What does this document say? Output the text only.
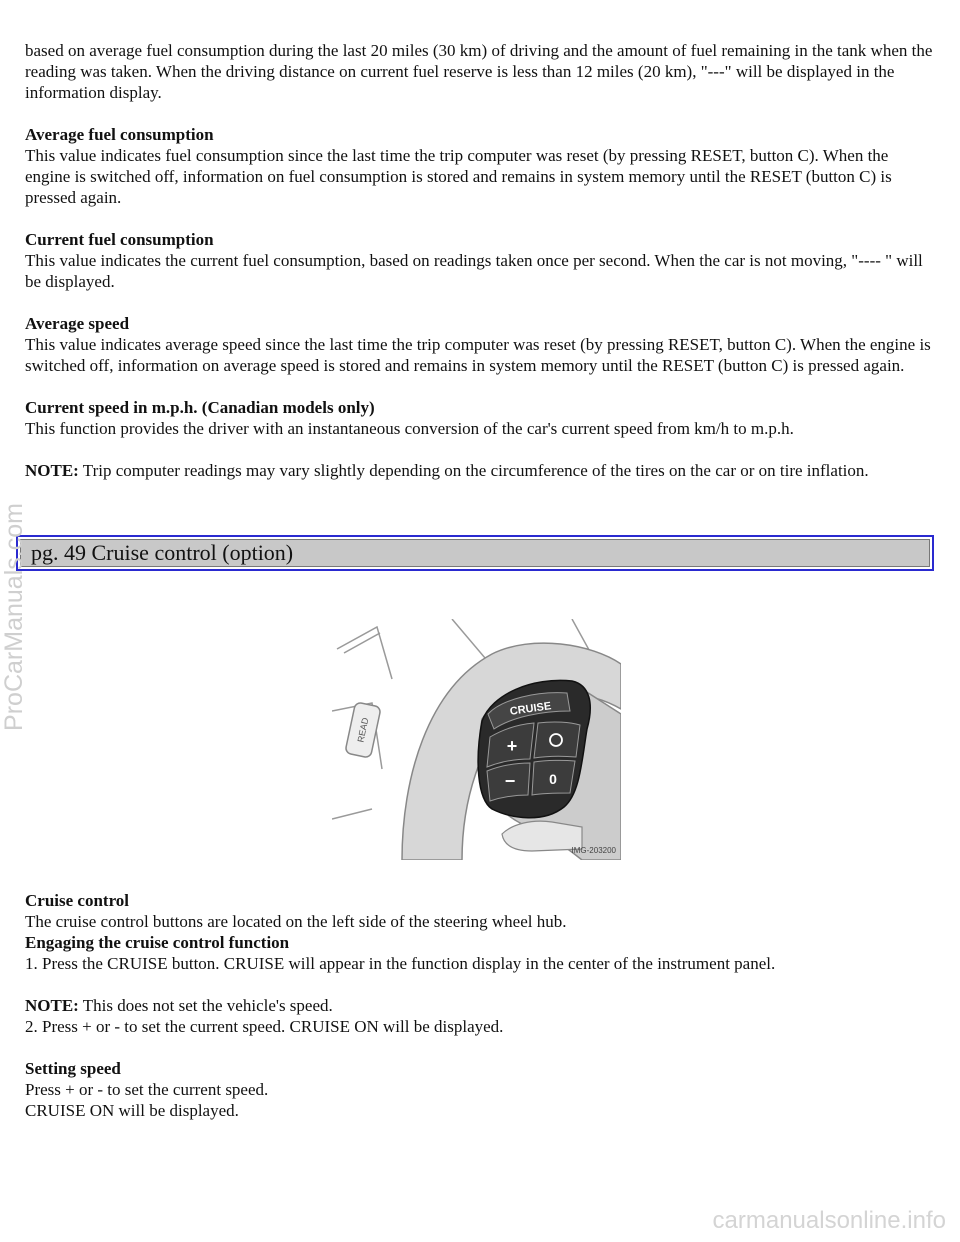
based on average fuel consumption during the last 20 miles (30 km) of driving and the amount of fuel remaining in the tank when the reading was taken. When the driving distance on current fuel reserve is less than 12 miles (20 km), "---" will be displayed in the information display.

Average fuel consumption
This value indicates fuel consumption since the last time the trip computer was reset (by pressing RESET, button C). When the engine is switched off, information on fuel consumption is stored and remains in system memory until the RESET (button C) is pressed again.

Current fuel consumption
This value indicates the current fuel consumption, based on readings taken once per second. When the car is not moving, "---- " will be displayed.

Average speed
This value indicates average speed since the last time the trip computer was reset (by pressing RESET, button C). When the engine is switched off, information on average speed is stored and remains in system memory until the RESET (button C) is pressed again.

Current speed in m.p.h. (Canadian models only)
This function provides the driver with an instantaneous conversion of the car's current speed from km/h to m.p.h.

NOTE: Trip computer readings may vary slightly depending on the circumference of the tires on the car or on tire inflation.

pg. 49 Cruise control (option)
READ
CRUISE
+
− 0
IMG-203200

Cruise control
The cruise control buttons are located on the left side of the steering wheel hub.
Engaging the cruise control function
1. Press the CRUISE button. CRUISE will appear in the function display in the center of the instrument panel.

NOTE: This does not set the vehicle's speed.
2. Press + or - to set the current speed. CRUISE ON will be displayed.

Setting speed
Press + or - to set the current speed.
CRUISE ON will be displayed.

ProCarManuals.com
carmanualsonline.info
